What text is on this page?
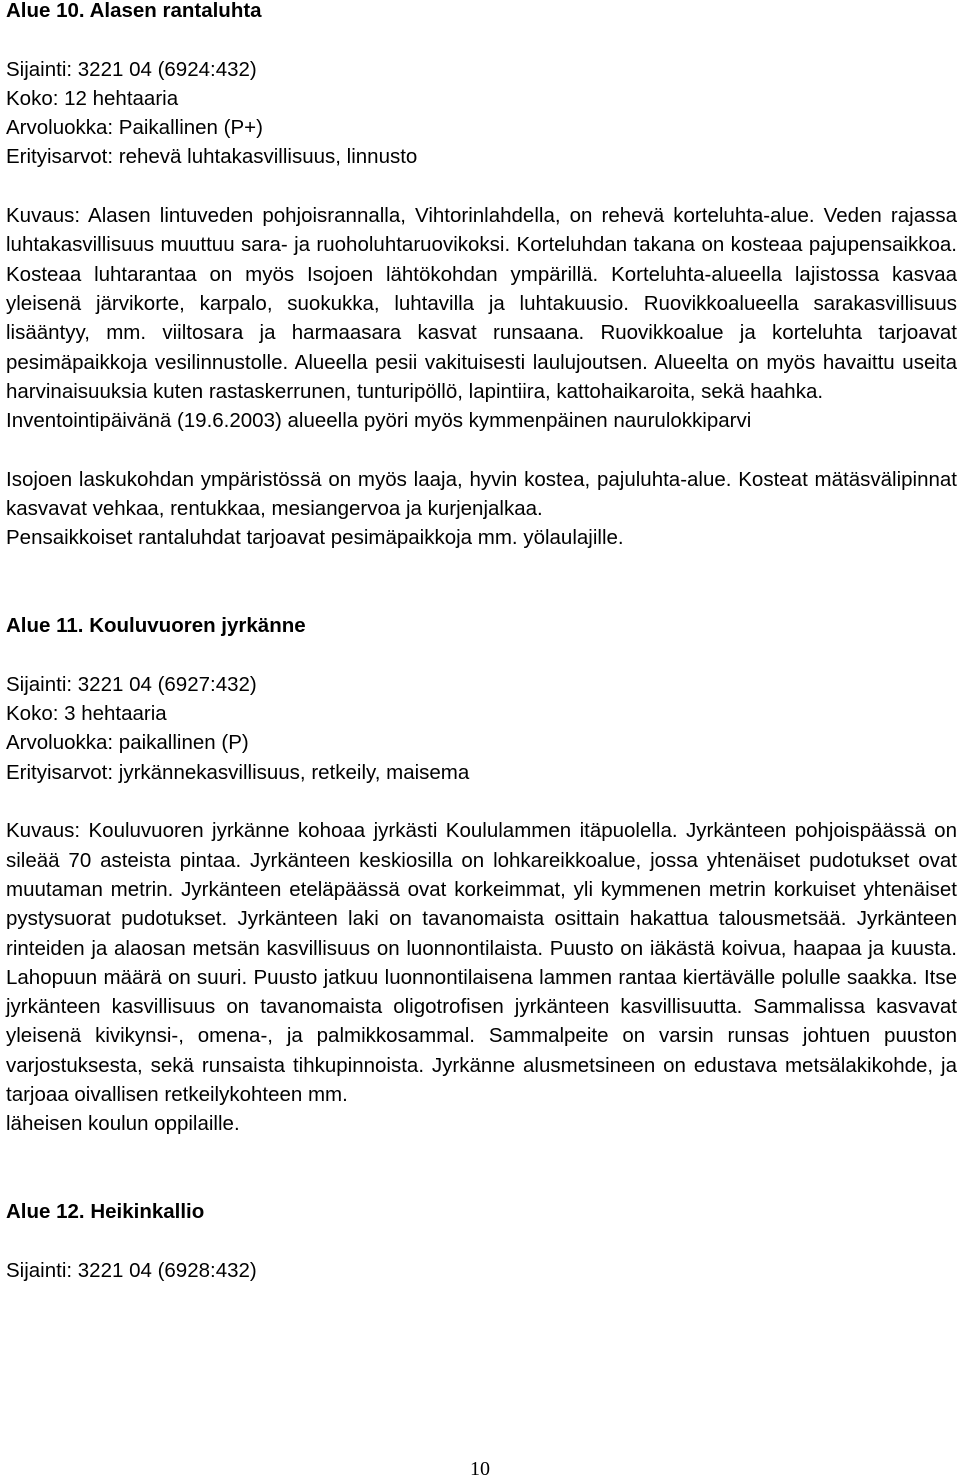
Alue 10. Alasen rantaluhta

Sijainti: 3221 04 (6924:432)

Koko: 12 hehtaaria

Arvoluokka: Paikallinen (P+)

Erityisarvot: rehevä luhtakasvillisuus, linnusto

Kuvaus: Alasen lintuveden pohjoisrannalla, Vihtorinlahdella, on rehevä korteluhta-alue. Veden rajassa luhtakasvillisuus muuttuu sara- ja ruoholuhtaruovikoksi. Korteluhdan takana on kosteaa pajupensaikkoa. Kosteaa luhtarantaa on myös Isojoen lähtökohdan ympärillä. Korteluhta-alueella lajistossa kasvaa yleisenä järvikorte, karpalo, suokukka, luhtavilla ja luhtakuusio. Ruovikkoalueella sarakasvillisuus lisääntyy, mm. viiltosara ja harmaasara kasvat runsaana. Ruovikkoalue ja korteluhta tarjoavat pesimäpaikkoja vesilinnustolle. Alueella pesii vakituisesti laulujoutsen. Alueelta on myös havaittu useita harvinaisuuksia kuten rastaskerrunen, tunturipöllö, lapintiira, kattohaikaroita, sekä haahka.

Inventointipäivänä (19.6.2003) alueella pyöri myös kymmenpäinen naurulokkiparvi

Isojoen laskukohdan ympäristössä on myös laaja, hyvin kostea, pajuluhta-alue. Kosteat mätäsvälipinnat kasvavat vehkaa, rentukkaa, mesiangervoa ja kurjenjalkaa.

Pensaikkoiset rantaluhdat tarjoavat pesimäpaikkoja mm. yölaulajille.

Alue 11. Kouluvuoren jyrkänne

Sijainti: 3221 04 (6927:432)

Koko: 3 hehtaaria

Arvoluokka: paikallinen (P)

Erityisarvot: jyrkännekasvillisuus, retkeily, maisema

Kuvaus: Kouluvuoren jyrkänne kohoaa jyrkästi Koululammen itäpuolella. Jyrkänteen pohjoispäässä on sileää 70 asteista pintaa. Jyrkänteen keskiosilla on lohkareikkoalue, jossa yhtenäiset pudotukset ovat muutaman metrin. Jyrkänteen eteläpäässä ovat korkeimmat, yli kymmenen metrin korkuiset yhtenäiset pystysuorat pudotukset. Jyrkänteen laki on tavanomaista osittain hakattua talousmetsää. Jyrkänteen rinteiden ja alaosan metsän kasvillisuus on luonnontilaista. Puusto on iäkästä koivua, haapaa ja kuusta. Lahopuun määrä on suuri. Puusto jatkuu luonnontilaisena lammen rantaa kiertävälle polulle saakka. Itse jyrkänteen kasvillisuus on tavanomaista oligotrofisen jyrkänteen kasvillisuutta. Sammalissa kasvavat yleisenä kivikynsi-, omena-, ja palmikkosammal. Sammalpeite on varsin runsas johtuen puuston varjostuksesta, sekä runsaista tihkupinnoista. Jyrkänne alusmetsineen on edustava metsälakikohde, ja tarjoaa oivallisen retkeilykohteen mm.

läheisen koulun oppilaille.

Alue 12. Heikinkallio

Sijainti: 3221 04 (6928:432)

10
